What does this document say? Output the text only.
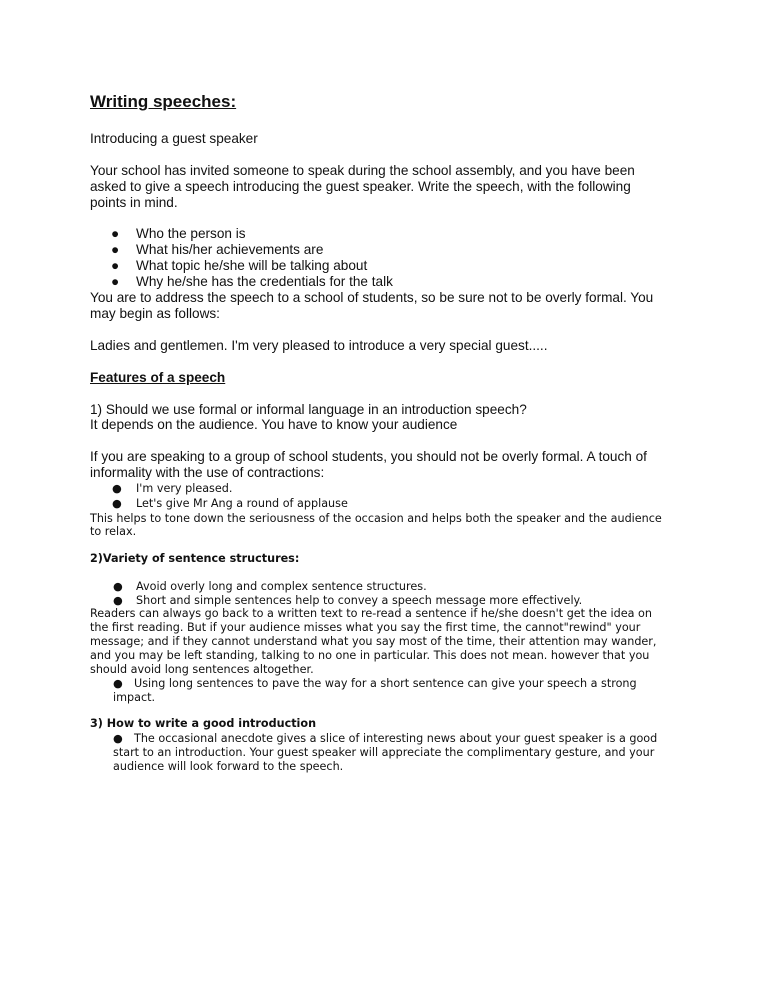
Writing speeches:
Introducing a guest speaker
Your school has invited someone to speak during the school assembly, and you have been
asked to give a speech introducing the guest speaker. Write the speech, with the following
points in mind.
● Who the person is
● What his/her achievements are
● What topic he/she will be talking about
● Why he/she has the credentials for the talk
You are to address the speech to a school of students, so be sure not to be overly formal. You
may begin as follows:
Ladies and gentlemen. I'm very pleased to introduce a very special guest.....
Features of a speech
1) Should we use formal or informal language in an introduction speech?
It depends on the audience. You have to know your audience
If you are speaking to a group of school students, you should not be overly formal. A touch of
informality with the use of contractions:
● I'm very pleased.
● Let's give Mr Ang a round of applause
This helps to tone down the seriousness of the occasion and helps both the speaker and the audience
to relax.
2)Variety of sentence structures:
● Avoid overly long and complex sentence structures.
● Short and simple sentences help to convey a speech message more effectively.
Readers can always go back to a written text to re-read a sentence if he/she doesn't get the idea on
the first reading. But if your audience misses what you say the first time, the cannot"rewind" your
message; and if they cannot understand what you say most of the time, their attention may wander,
and you may be left standing, talking to no one in particular. This does not mean. however that you
should avoid long sentences altogether.
● Using long sentences to pave the way for a short sentence can give your speech a strong
impact.
3) How to write a good introduction
● The occasional anecdote gives a slice of interesting news about your guest speaker is a good
start to an introduction. Your guest speaker will appreciate the complimentary gesture, and your
audience will look forward to the speech.
